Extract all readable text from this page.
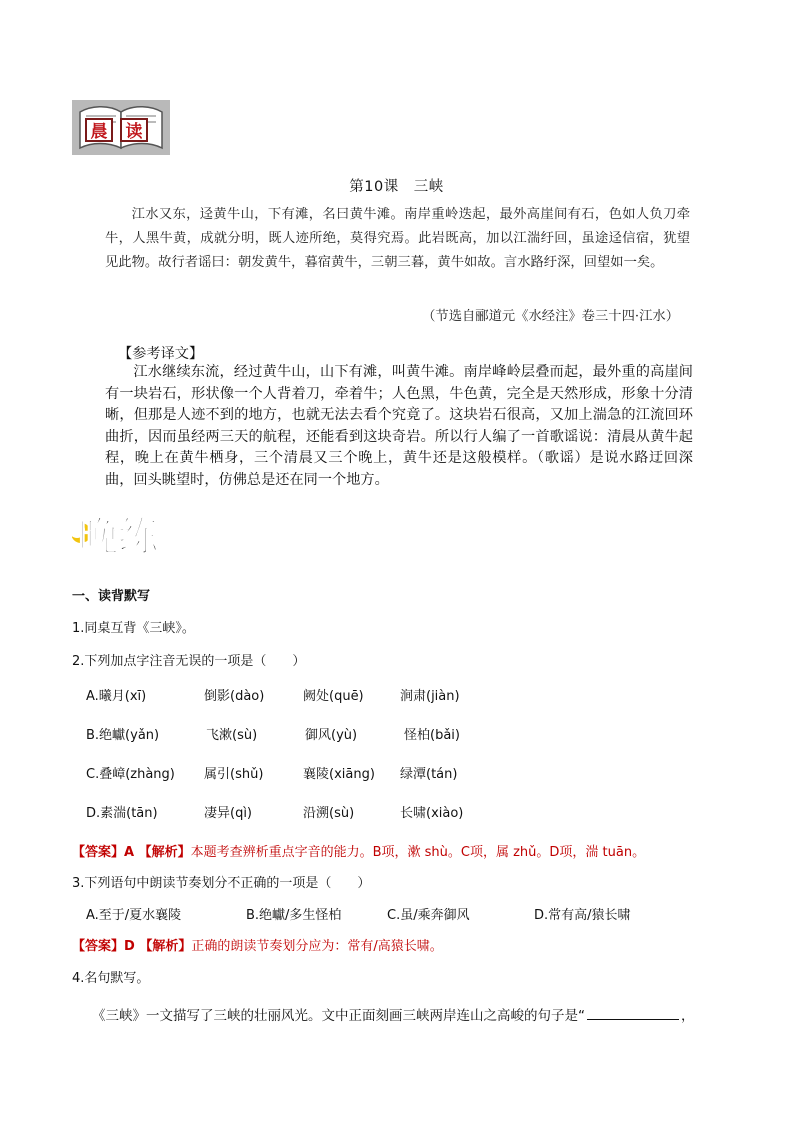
晨	读
第10课　三峡
江水又东，迳黄牛山，下有滩，名曰黄牛滩。南岸重岭迭起，最外高崖间有石，色如人负刀牵牛，人黑牛黄，成就分明，既人迹所绝，莫得究焉。此岩既高，加以江湍纡回，虽途迳信宿，犹望见此物。故行者谣曰：朝发黄牛，暮宿黄牛，三朝三暮，黄牛如故。言水路纡深，回望如一矣。
（节选自郦道元《水经注》卷三十四·江水）
【参考译文】
江水继续东流，经过黄牛山，山下有滩，叫黄牛滩。南岸峰岭层叠而起，最外重的高崖间有一块岩石，形状像一个人背着刀，牵着牛；人色黑，牛色黄，完全是天然形成，形象十分清晰，但那是人迹不到的地方，也就无法去看个究竟了。这块岩石很高，又加上湍急的江流回环曲折，因而虽经两三天的航程，还能看到这块奇岩。所以行人编了一首歌谣说：清晨从黄牛起程，晚上在黄牛栖身，三个清晨又三个晚上，黄牛还是这般模样。（歌谣）是说水路迂回深曲，回头眺望时，仿佛总是还在同一个地方。
晚练
一、读背默写
1.同桌互背《三峡》。
2.下列加点字注音无误的一项是（　　）
A.曦月(xī)	倒影(dào)	阙处(quē)	涧肃(jiàn)
B.绝巘(yǎn)	飞漱(sù)	御风(yù)	怪柏(bǎi)
C.叠嶂(zhàng) 属引(shǔ)	襄陵(xiāng) 绿潭(tán)
D.素湍(tān)	凄异(qì)	沿溯(sù)	长啸(xiào)
【答案】A 【解析】本题考查辨析重点字音的能力。B项，漱 shù。C项，属 zhǔ。D项，湍 tuān。
3.下列语句中朗读节奏划分不正确的一项是（　　）
A.至于/夏水襄陵	B.绝巘/多生怪柏	C.虽/乘奔御风	D.常有高/猿长啸
【答案】D 【解析】正确的朗读节奏划分应为：常有/高猿长啸。
4.名句默写。
《三峡》一文描写了三峡的壮丽风光。文中正面刻画三峡两岸连山之高峻的句子是“	，
